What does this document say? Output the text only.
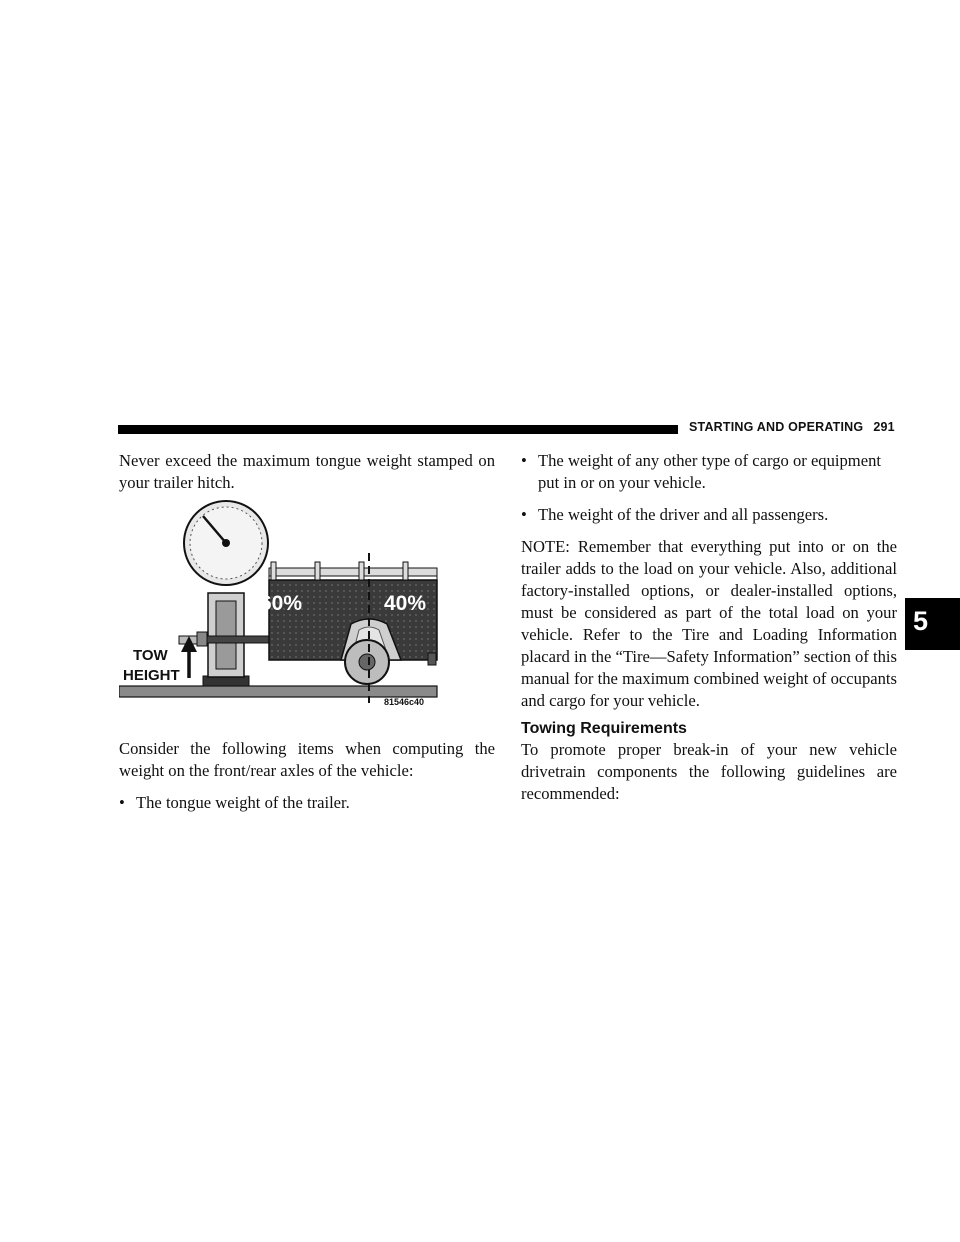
STARTING AND OPERATING 291
5

Never exceed the maximum tongue weight stamped on your trailer hitch.

Consider the following items when computing the weight on the front/rear axles of the vehicle:

• The tongue weight of the trailer.

60%	40%
TOW
HEIGHT
81546c40

• The weight of any other type of cargo or equipment put in or on your vehicle.

• The weight of the driver and all passengers.

NOTE: Remember that everything put into or on the trailer adds to the load on your vehicle. Also, additional factory-installed options, or dealer-installed options, must be considered as part of the total load on your vehicle. Refer to the Tire and Loading Information placard in the “Tire—Safety Information” section of this manual for the maximum combined weight of occupants and cargo for your vehicle.

Towing Requirements

To promote proper break-in of your new vehicle drivetrain components the following guidelines are recommended:
